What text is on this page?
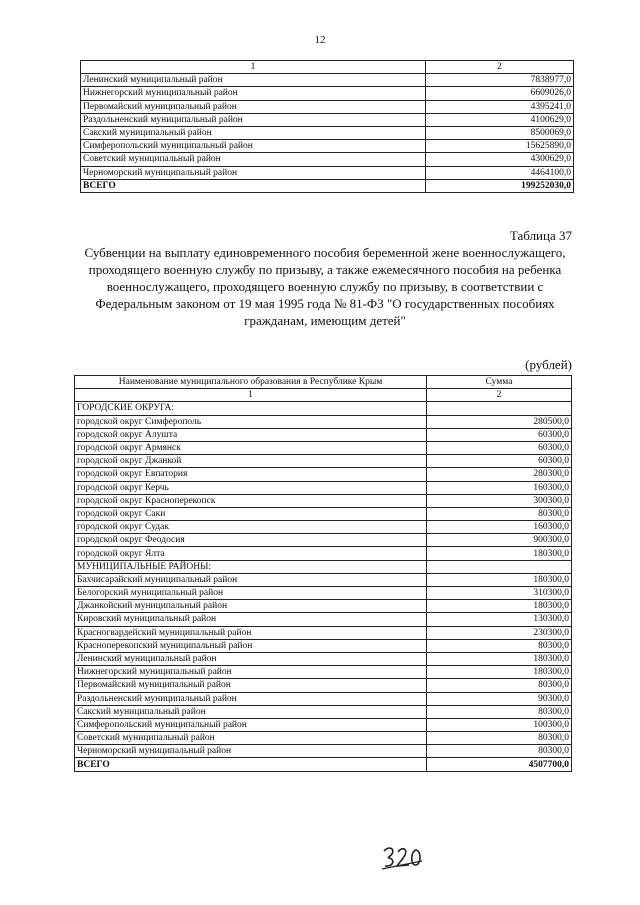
12
1	2
Ленинский муниципальный район	7838977,0
Нижнегорский муниципальный район	6609026,0
Первомайский муниципальный район	4395241,0
Раздольненский муниципальный район	4100629,0
Сакский муниципальный район	8500069,0
Симферопольский муниципальный район	15625890,0
Советский муниципальный район	4300629,0
Черноморский муниципальный район	4464100,0
ВСЕГО	199252030,0
Таблица 37
Субвенции на выплату единовременного пособия беременной жене военнослужащего, проходящего военную службу по призыву, а также ежемесячного пособия на ребенка военнослужащего, проходящего военную службу по призыву, в соответствии с Федеральным законом от 19 мая 1995 года № 81-ФЗ "О государственных пособиях гражданам, имеющим детей"
(рублей)
Наименование муниципального образования в Республике Крым	Сумма
1	2
ГОРОДСКИЕ ОКРУГА:	
городской округ Симферополь	280500,0
городской округ Алушта	60300,0
городской округ Армянск	60300,0
городской округ Джанкой	60300,0
городской округ Евпатория	280300,0
городской округ Керчь	160300,0
городской округ Красноперекопск	300300,0
городской округ Саки	80300,0
городской округ Судак	160300,0
городской округ Феодосия	900300,0
городской округ Ялта	180300,0
МУНИЦИПАЛЬНЫЕ РАЙОНЫ:	
Бахчисарайский муниципальный район	180300,0
Белогорский муниципальный район	310300,0
Джанкойский муниципальный район	180300,0
Кировский муниципальный район	130300,0
Красногвардейский муниципальный район	230300,0
Красноперекопский муниципальный район	80300,0
Ленинский муниципальный район	180300,0
Нижнегорский муниципальный район	180300,0
Первомайский муниципальный район	80300,0
Раздольненский муниципальный район	90300,0
Сакский муниципальный район	80300,0
Симферопольский муниципальный район	100300,0
Советский муниципальный район	80300,0
Черноморский муниципальный район	80300,0
ВСЕГО	4507700,0
